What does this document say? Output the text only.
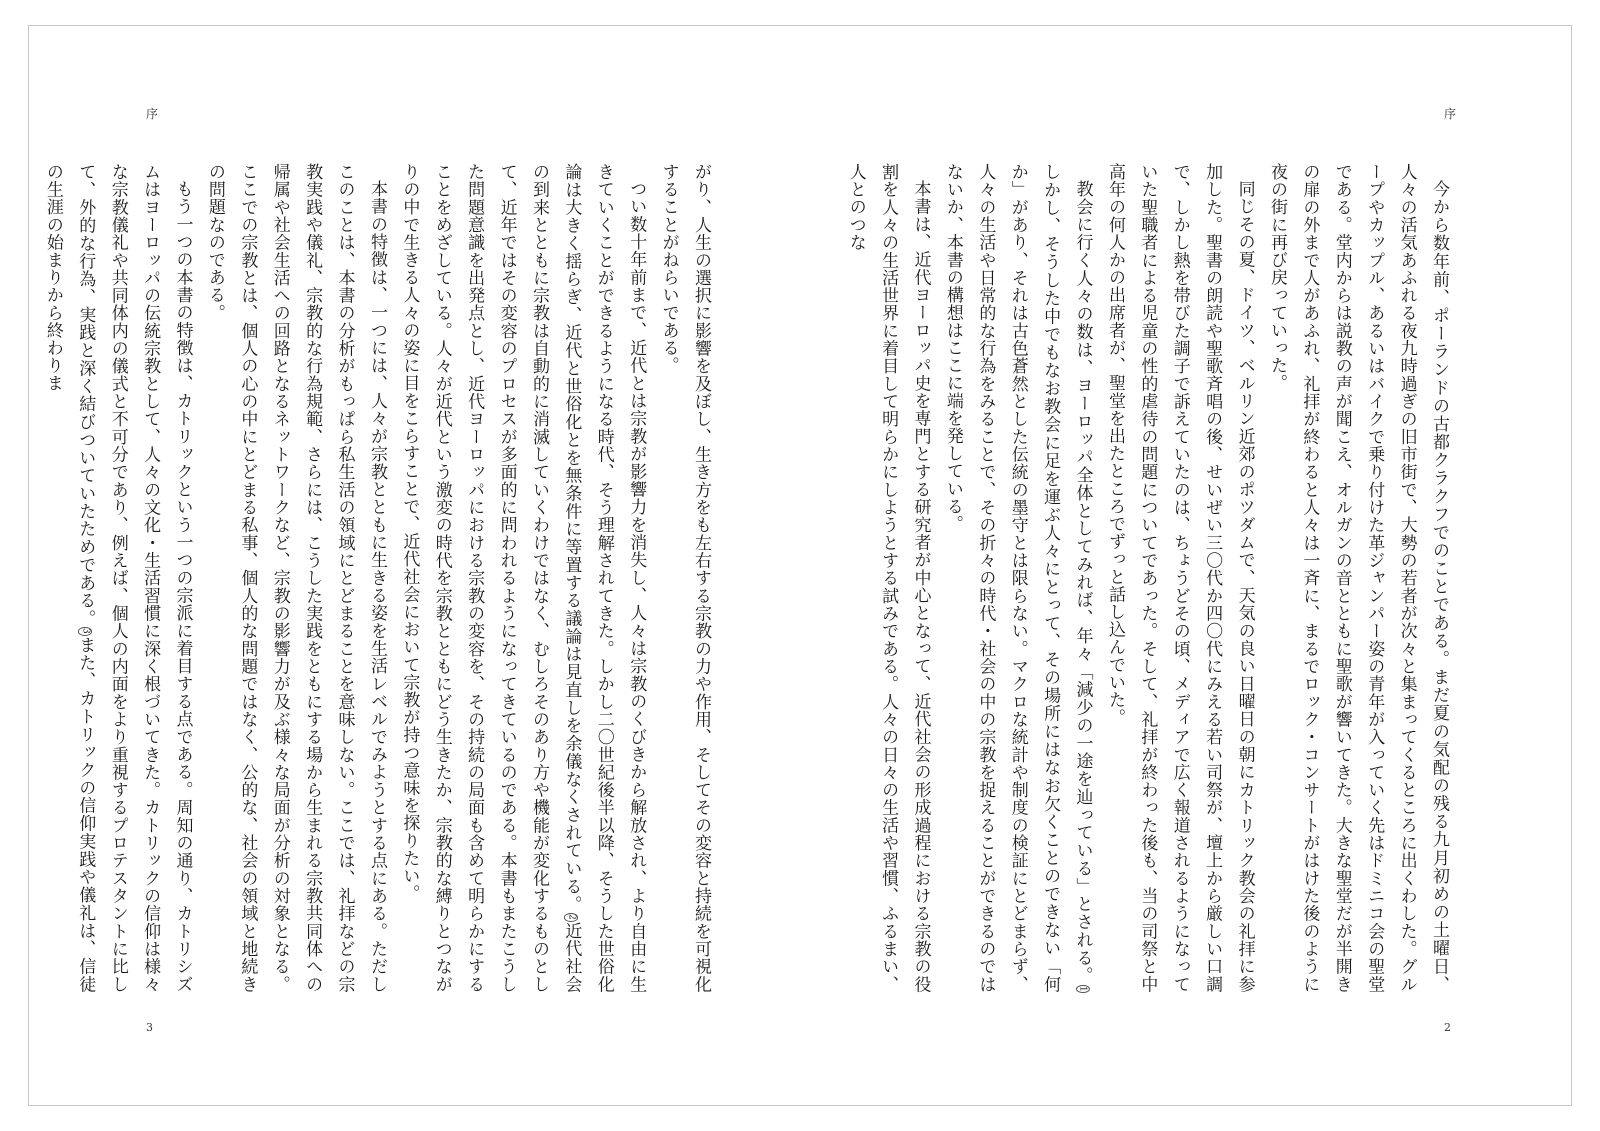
序

がり、人生の選択に影響を及ぼし、生き方をも左右する宗教の力や作用、そしてその変容と持続を可視化することがねらいである。

つい数十年前まで、近代とは宗教が影響力を消失し、人々は宗教のくびきから解放され、より自由に生きていくことができるようになる時代、そう理解されてきた。しかし二〇世紀後半以降、そうした世俗化論は大きく揺らぎ、近代と世俗化とを無条件に等置する議論は見直しを余儀なくされている。2近代社会の到来とともに宗教は自動的に消滅していくわけではなく、むしろそのあり方や機能が変化するものとして、近年ではその変容のプロセスが多面的に問われるようになってきているのである。本書もまたこうした問題意識を出発点とし、近代ヨーロッパにおける宗教の変容を、その持続の局面も含めて明らかにすることをめざしている。人々が近代という激変の時代を宗教とともにどう生きたか、宗教的な縛りとつながりの中で生きる人々の姿に目をこらすことで、近代社会において宗教が持つ意味を探りたい。

本書の特徴は、一つには、人々が宗教とともに生きる姿を生活レベルでみようとする点にある。ただしこのことは、本書の分析がもっぱら私生活の領域にとどまることを意味しない。ここでは、礼拝などの宗教実践や儀礼、宗教的な行為規範、さらには、こうした実践をともにする場から生まれる宗教共同体への帰属や社会生活への回路となるネットワークなど、宗教の影響力が及ぶ様々な局面が分析の対象となる。ここでの宗教とは、個人の心の中にとどまる私事、個人的な問題ではなく、公的な、社会の領域と地続きの問題なのである。

もう一つの本書の特徴は、カトリックという一つの宗派に着目する点である。周知の通り、カトリシズムはヨーロッパの伝統宗教として、人々の文化・生活習慣に深く根づいてきた。カトリックの信仰は様々な宗教儀礼や共同体内の儀式と不可分であり、例えば、個人の内面をより重視するプロテスタントに比して、外的な行為、実践と深く結びついていたためである。3また、カトリックの信仰実践や儀礼は、信徒の生涯の始まりから終わりま

3
序

今から数年前、ポーランドの古都クラクフでのことである。まだ夏の気配の残る九月初めの土曜日、人々の活気あふれる夜九時過ぎの旧市街で、大勢の若者が次々と集まってくるところに出くわした。グループやカップル、あるいはバイクで乗り付けた革ジャンパー姿の青年が入っていく先はドミニコ会の聖堂である。堂内からは説教の声が聞こえ、オルガンの音とともに聖歌が響いてきた。大きな聖堂だが半開きの扉の外まで人があふれ、礼拝が終わると人々は一斉に、まるでロック・コンサートがはけた後のように夜の街に再び戻っていった。

同じその夏、ドイツ、ベルリン近郊のポツダムで、天気の良い日曜日の朝にカトリック教会の礼拝に参加した。聖書の朗読や聖歌斉唱の後、せいぜい三〇代か四〇代にみえる若い司祭が、壇上から厳しい口調で、しかし熱を帯びた調子で訴えていたのは、ちょうどその頃、メディアで広く報道されるようになっていた聖職者による児童の性的虐待の問題についてであった。そして、礼拝が終わった後も、当の司祭と中高年の何人かの出席者が、聖堂を出たところでずっと話し込んでいた。

教会に行く人々の数は、ヨーロッパ全体としてみれば、年々「減少の一途を辿っている」とされる。1しかし、そうした中でもなお教会に足を運ぶ人々にとって、その場所にはなお欠くことのできない「何か」があり、それは古色蒼然とした伝統の墨守とは限らない。マクロな統計や制度の検証にとどまらず、人々の生活や日常的な行為をみることで、その折々の時代・社会の中の宗教を捉えることができるのではないか、本書の構想はここに端を発している。

本書は、近代ヨーロッパ史を専門とする研究者が中心となって、近代社会の形成過程における宗教の役割を人々の生活世界に着目して明らかにしようとする試みである。人々の日々の生活や習慣、ふるまい、人とのつな

2
